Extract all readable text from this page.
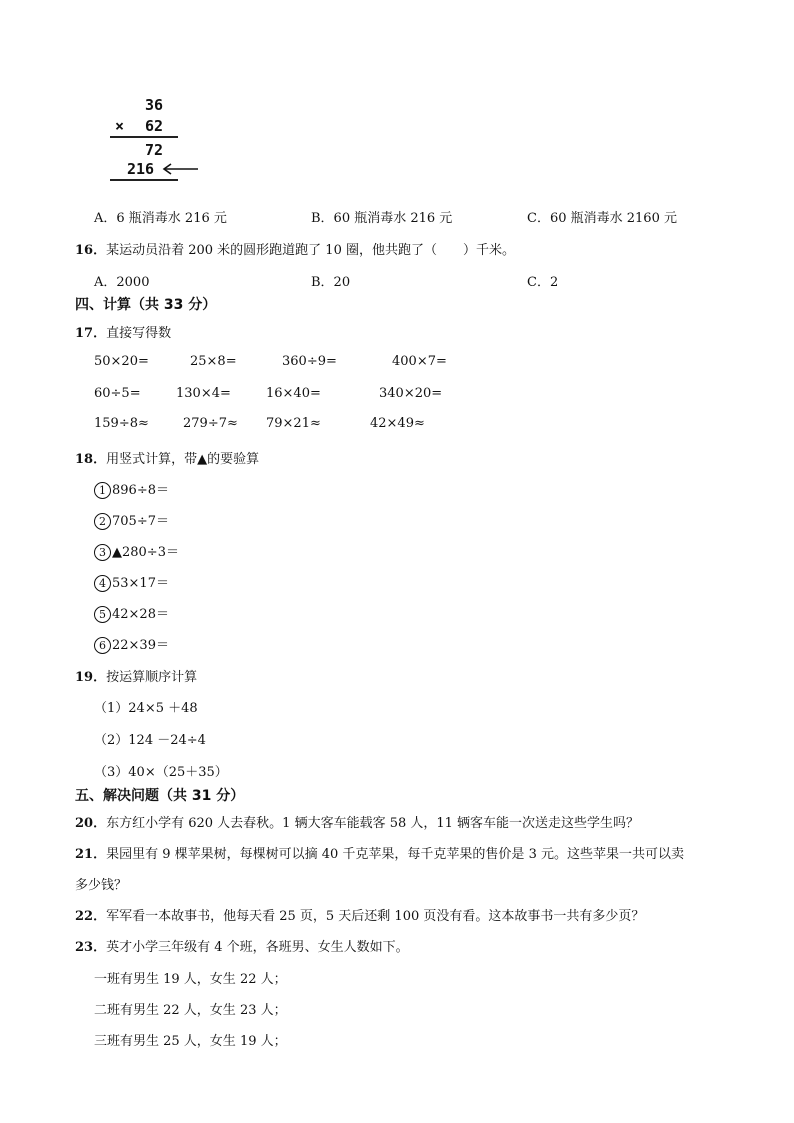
36
× 62
72
216
A．6 瓶消毒水 216 元	B．60 瓶消毒水 216 元	C．60 瓶消毒水 2160 元
16．某运动员沿着 200 米的圆形跑道跑了 10 圈，他共跑了（　　）千米。
A．2000	B．20	C．2
四、计算（共 33 分）
17．直接写得数
50×20=	25×8=	360÷9=	400×7=
60÷5=	130×4=	16×40=	340×20=
159÷8≈	279÷7≈ 79×21≈	42×49≈
18．用竖式计算，带▲的要验算
1 896÷8＝
2 705÷7＝
3 ▲280÷3＝
4 53×17＝
5 42×28＝
6 22×39＝
19．按运算顺序计算
（1）24×5 ＋48
（2）124 －24÷4
（3）40×（25＋35）
五、解决问题（共 31 分）
20．东方红小学有 620 人去春秋。1 辆大客车能载客 58 人，11 辆客车能一次送走这些学生吗？
21．果园里有 9 棵苹果树，每棵树可以摘 40 千克苹果，每千克苹果的售价是 3 元。这些苹果一共可以卖
多少钱？
22．军军看一本故事书，他每天看 25 页，5 天后还剩 100 页没有看。这本故事书一共有多少页？
23．英才小学三年级有 4 个班，各班男、女生人数如下。
一班有男生 19 人，女生 22 人；
二班有男生 22 人，女生 23 人；
三班有男生 25 人，女生 19 人；
